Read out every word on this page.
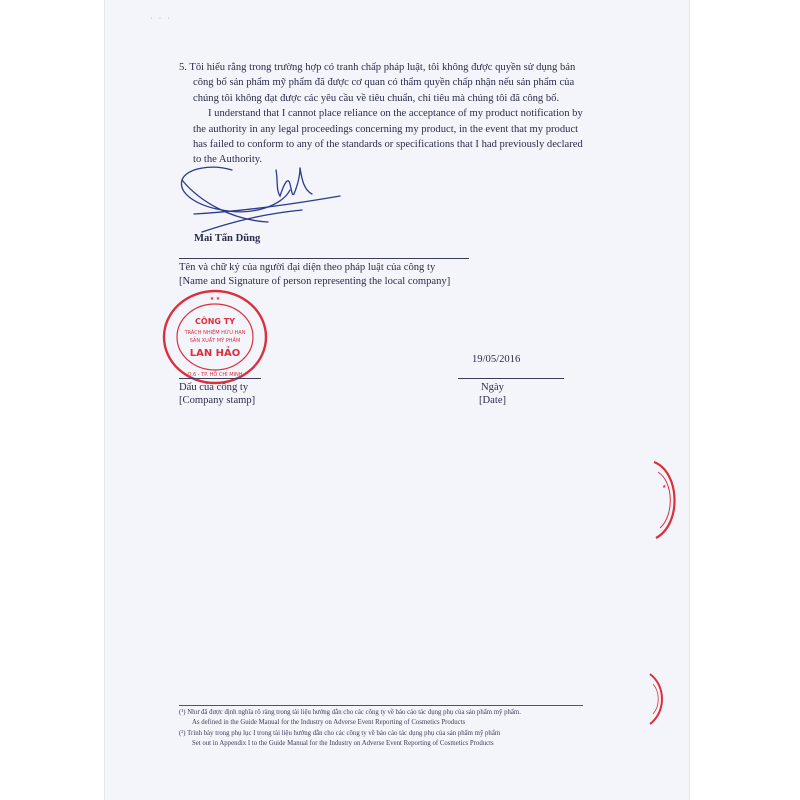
· · ·
5. Tôi hiểu rằng trong trường hợp có tranh chấp pháp luật, tôi không được quyền sử dụng bản
công bố sản phẩm mỹ phẩm đã được cơ quan có thẩm quyền chấp nhận nếu sản phẩm của
chúng tôi không đạt được các yêu cầu về tiêu chuẩn, chỉ tiêu mà chúng tôi đã công bố.
I understand that I cannot place reliance on the acceptance of my product notification by
the authority in any legal proceedings concerning my product, in the event that my product
has failed to conform to any of the standards or specifications that I had previously declared
to the Authority.
Mai Tấn Dũng
Tên và chữ ký của người đại diện theo pháp luật của công ty
[Name and Signature of person representing the local company]
CÔNG TY
TRÁCH NHIỆM HỮU HẠN
SẢN XUẤT MỸ PHẨM
LAN HẢO
Q.6 - TP. HỒ CHÍ MINH
★ ★
19/05/2016
Dấu của công ty
[Company stamp]
Ngày
[Date]
★
(¹) Như đã được định nghĩa rõ ràng trong tài liệu hướng dẫn cho các công ty về báo cáo tác dụng phụ của sản phẩm mỹ phẩm.
As defined in the Guide Manual for the Industry on Adverse Event Reporting of Cosmetics Products
(²) Trình bày trong phụ lục I trong tài liệu hướng dẫn cho các công ty về báo cáo tác dụng phụ của sản phẩm mỹ phẩm
Set out in Appendix I to the Guide Manual for the Industry on Adverse Event Reporting of Cosmetics Products
